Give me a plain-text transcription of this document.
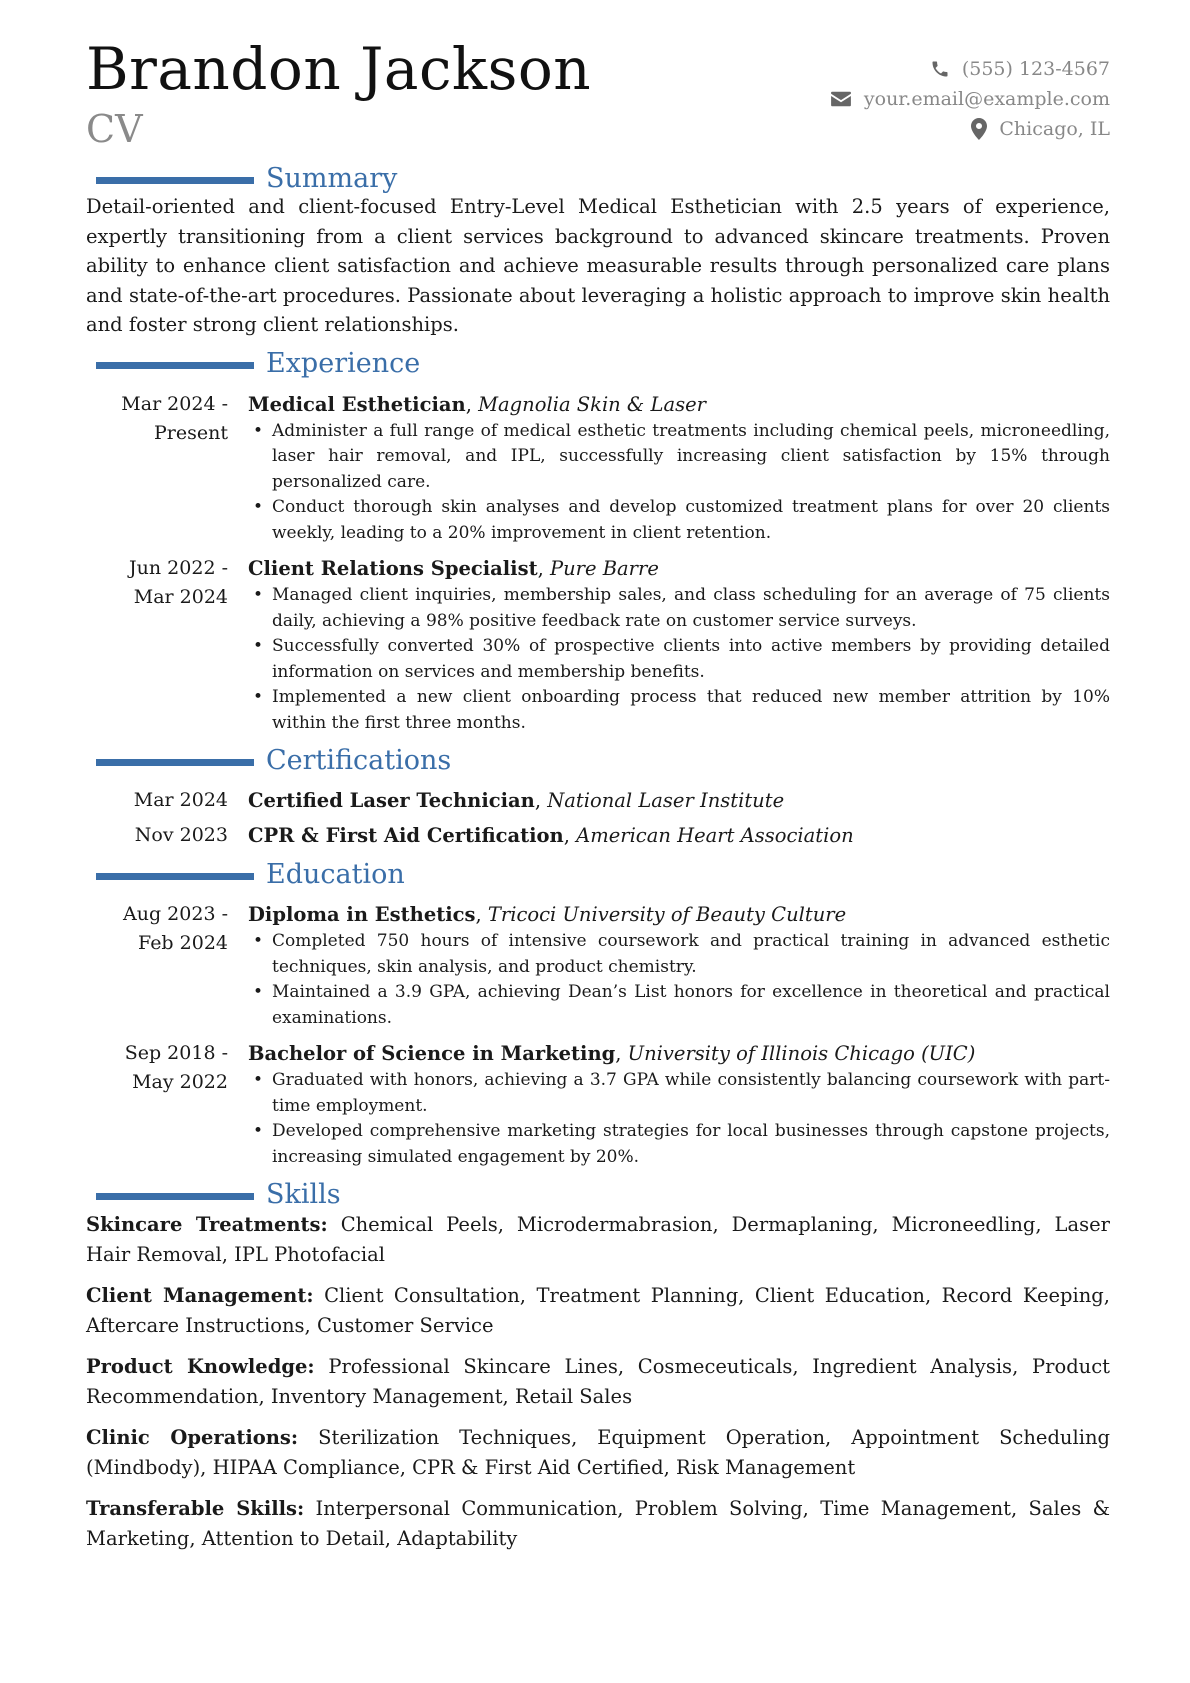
Brandon Jackson
CV
(555) 123-4567
your.email@example.com
Chicago, IL
Summary

Detail-oriented and client-focused Entry-Level Medical Esthetician with 2.5 years of experience, expertly transitioning from a client services background to advanced skincare treatments. Proven ability to enhance client satisfaction and achieve measurable results through personalized care plans and state-of-the-art procedures. Passionate about leveraging a holistic approach to improve skin health and foster strong client relationships.

Experience
Mar 2024 - Present
Medical Esthetician, Magnolia Skin & Laser
• Administer a full range of medical esthetic treatments including chemical peels, microneedling, laser hair removal, and IPL, successfully increasing client satisfaction by 15% through personalized care.
• Conduct thorough skin analyses and develop customized treatment plans for over 20 clients weekly, leading to a 20% improvement in client retention.
Jun 2022 - Mar 2024
Client Relations Specialist, Pure Barre
• Managed client inquiries, membership sales, and class scheduling for an average of 75 clients daily, achieving a 98% positive feedback rate on customer service surveys.
• Successfully converted 30% of prospective clients into active members by providing detailed information on services and membership benefits.
• Implemented a new client onboarding process that reduced new member attrition by 10% within the first three months.
Certifications
Mar 2024	Certified Laser Technician, National Laser Institute
Nov 2023	CPR & First Aid Certification, American Heart Association
Education
Aug 2023 - Feb 2024
Diploma in Esthetics, Tricoci University of Beauty Culture
• Completed 750 hours of intensive coursework and practical training in advanced esthetic techniques, skin analysis, and product chemistry.
• Maintained a 3.9 GPA, achieving Dean’s List honors for excellence in theoretical and practical examinations.
Sep 2018 - May 2022
Bachelor of Science in Marketing, University of Illinois Chicago (UIC)
• Graduated with honors, achieving a 3.7 GPA while consistently balancing coursework with part-time employment.
• Developed comprehensive marketing strategies for local businesses through capstone projects, increasing simulated engagement by 20%.
Skills

Skincare Treatments: Chemical Peels, Microdermabrasion, Dermaplaning, Microneedling, Laser Hair Removal, IPL Photofacial

Client Management: Client Consultation, Treatment Planning, Client Education, Record Keeping, Aftercare Instructions, Customer Service

Product Knowledge: Professional Skincare Lines, Cosmeceuticals, Ingredient Analysis, Product Recommendation, Inventory Management, Retail Sales

Clinic Operations: Sterilization Techniques, Equipment Operation, Appointment Scheduling (Mindbody), HIPAA Compliance, CPR & First Aid Certified, Risk Management

Transferable Skills: Interpersonal Communication, Problem Solving, Time Management, Sales & Marketing, Attention to Detail, Adaptability
